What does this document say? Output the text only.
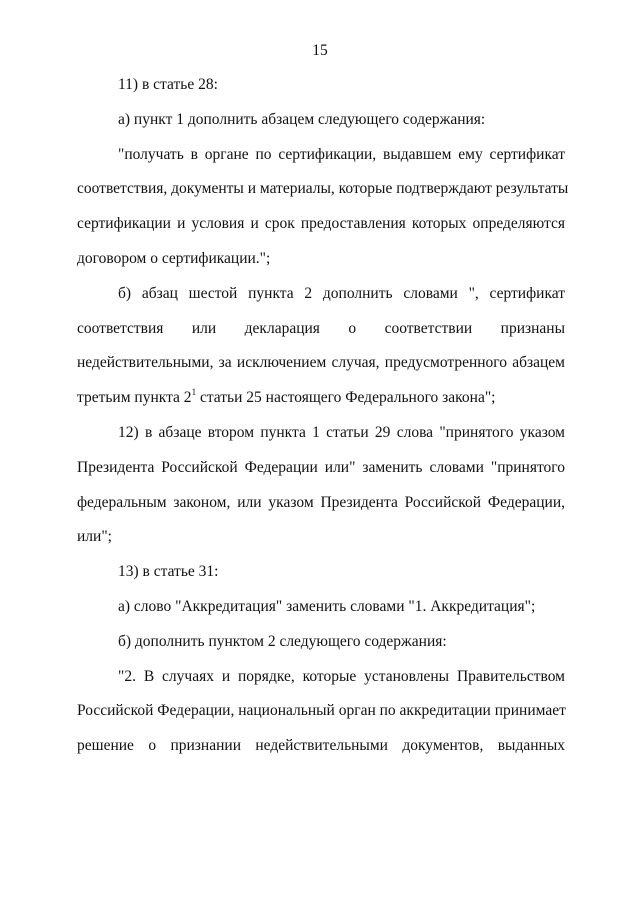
15
11) в статье 28:
а) пункт 1 дополнить абзацем следующего содержания:
"получать в органе по сертификации, выдавшем ему сертификат
соответствия, документы и материалы, которые подтверждают результаты
сертификации и условия и срок предоставления которых определяются
договором о сертификации.";
б) абзац шестой пункта 2 дополнить словами ", сертификат
соответствия или декларация о соответствии признаны
недействительными, за исключением случая, предусмотренного абзацем
третьим пункта $2^1$ статьи 25 настоящего Федерального закона";
12) в абзаце втором пункта 1 статьи 29 слова "принятого указом
Президента Российской Федерации или" заменить словами "принятого
федеральным законом, или указом Президента Российской Федерации,
или";
13) в статье 31:
а) слово "Аккредитация" заменить словами "1. Аккредитация";
б) дополнить пунктом 2 следующего содержания:
"2. В случаях и порядке, которые установлены Правительством
Российской Федерации, национальный орган по аккредитации принимает
решение о признании недействительными документов, выданных
